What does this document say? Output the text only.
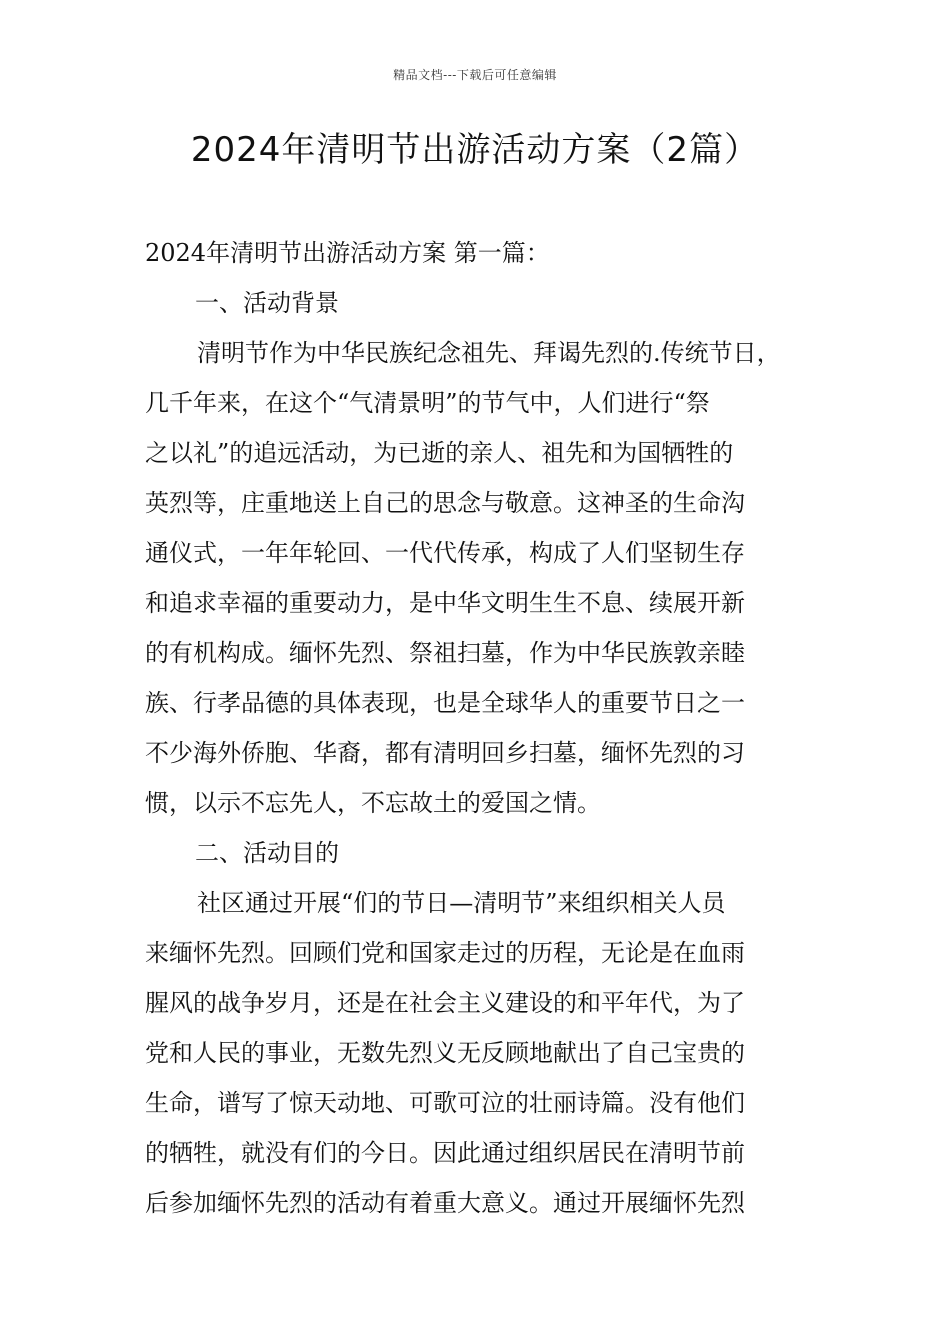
精品文档---下载后可任意编辑
2024年清明节出游活动方案（2篇）

2024年清明节出游活动方案 第一篇：

一、活动背景

清明节作为中华民族纪念祖先、拜谒先烈的.传统节日，
几千年来，在这个“气清景明”的节气中，人们进行“祭
之以礼”的追远活动，为已逝的亲人、祖先和为国牺牲的
英烈等，庄重地送上自己的思念与敬意。这神圣的生命沟
通仪式，一年年轮回、一代代传承，构成了人们坚韧生存
和追求幸福的重要动力，是中华文明生生不息、续展开新
的有机构成。缅怀先烈、祭祖扫墓，作为中华民族敦亲睦
族、行孝品德的具体表现，也是全球华人的重要节日之一
不少海外侨胞、华裔，都有清明回乡扫墓，缅怀先烈的习
惯，以示不忘先人，不忘故土的爱国之情。

二、活动目的

社区通过开展“们的节日—清明节”来组织相关人员
来缅怀先烈。回顾们党和国家走过的历程，无论是在血雨
腥风的战争岁月，还是在社会主义建设的和平年代，为了
党和人民的事业，无数先烈义无反顾地献出了自己宝贵的
生命，谱写了惊天动地、可歌可泣的壮丽诗篇。没有他们
的牺牲，就没有们的今日。因此通过组织居民在清明节前
后参加缅怀先烈的活动有着重大意义。通过开展缅怀先烈
